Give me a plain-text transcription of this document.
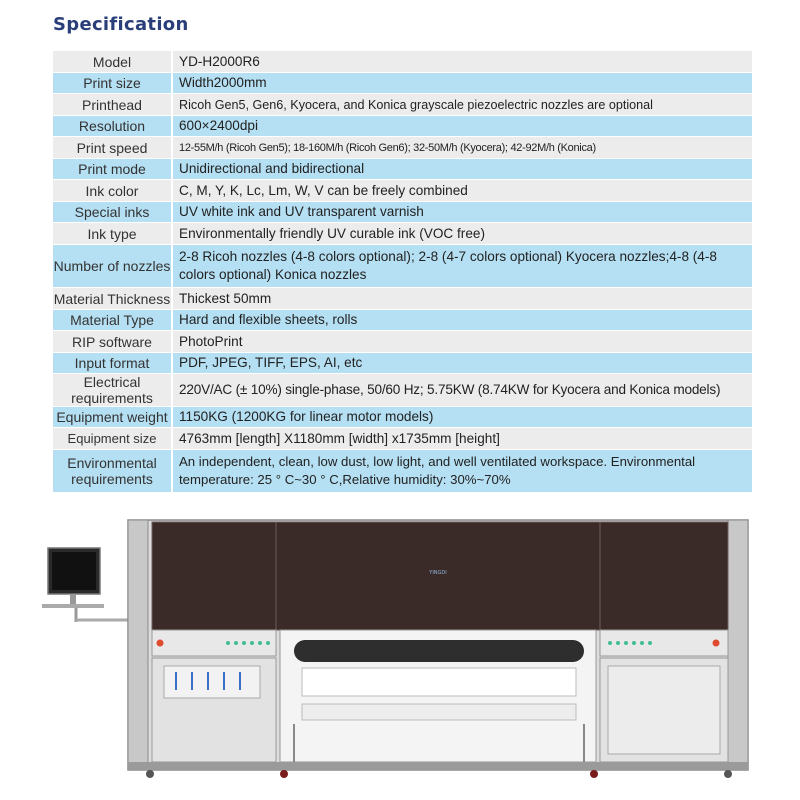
Specification
Model	YD-H2000R6
Print size	Width2000mm
Printhead	Ricoh Gen5, Gen6, Kyocera, and Konica grayscale piezoelectric nozzles are optional
Resolution	600×2400dpi
Print speed	12-55M/h (Ricoh Gen5); 18-160M/h (Ricoh Gen6); 32-50M/h (Kyocera); 42-92M/h (Konica)
Print mode	Unidirectional and bidirectional
Ink color	C, M, Y, K, Lc, Lm, W, V can be freely combined
Special inks	UV white ink and UV transparent varnish
Ink type	Environmentally friendly UV curable ink (VOC free)
Number of nozzles	2-8 Ricoh nozzles (4-8 colors optional); 2-8 (4-7 colors optional) Kyocera nozzles;4-8 (4-8 colors optional) Konica nozzles
Material Thickness	Thickest 50mm
Material Type	Hard and flexible sheets, rolls
RIP software	PhotoPrint
Input format	PDF, JPEG, TIFF, EPS, AI, etc
Electrical requirements	220V/AC (± 10%) single-phase, 50/60 Hz; 5.75KW (8.74KW for Kyocera and Konica models)
Equipment weight	1150KG (1200KG for linear motor models)
Equipment size	4763mm [length] X1180mm [width] x1735mm [height]
Environmental requirements	An independent, clean, low dust, low light, and well ventilated workspace. Environmental temperature: 25 ° C~30 ° C,Relative humidity: 30%~70%
YINGDI
